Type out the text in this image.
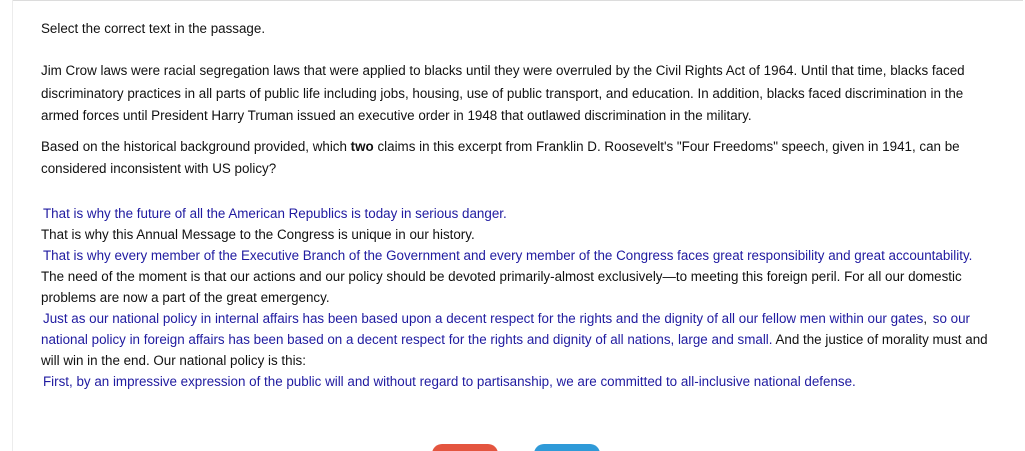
Select the correct text in the passage.

Jim Crow laws were racial segregation laws that were applied to blacks until they were overruled by the Civil Rights Act of 1964. Until that time, blacks faced discriminatory practices in all parts of public life including jobs, housing, use of public transport, and education. In addition, blacks faced discrimination in the armed forces until President Harry Truman issued an executive order in 1948 that outlawed discrimination in the military.

Based on the historical background provided, which two claims in this excerpt from Franklin D. Roosevelt's "Four Freedoms" speech, given in 1941, can be considered inconsistent with US policy?

That is why the future of all the American Republics is today in serious danger.
That is why this Annual Message to the Congress is unique in our history.
That is why every member of the Executive Branch of the Government and every member of the Congress faces great responsibility and great accountability.
The need of the moment is that our actions and our policy should be devoted primarily-almost exclusively—to meeting this foreign peril. For all our domestic problems are now a part of the great emergency.
Just as our national policy in internal affairs has been based upon a decent respect for the rights and the dignity of all our fellow men within our gates, so our national policy in foreign affairs has been based on a decent respect for the rights and dignity of all nations, large and small. And the justice of morality must and will win in the end. Our national policy is this:
First, by an impressive expression of the public will and without regard to partisanship, we are committed to all-inclusive national defense.
